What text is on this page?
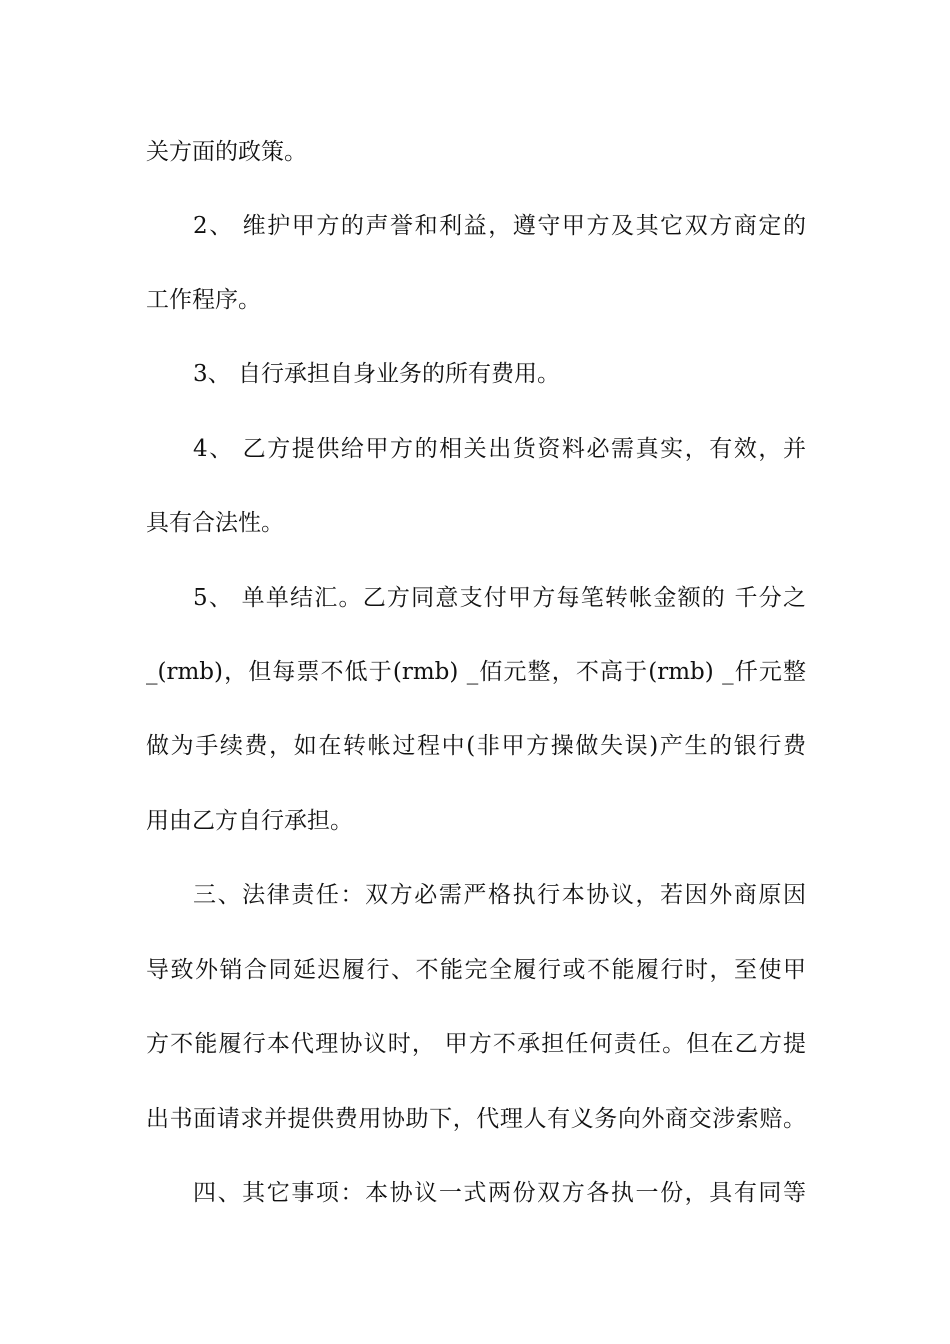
关方面的政策。
2、 维护甲方的声誉和利益，遵守甲方及其它双方商定的
工作程序。
3、 自行承担自身业务的所有费用。
4、 乙方提供给甲方的相关出货资料必需真实，有效，并
具有合法性。
5、 单单结汇。乙方同意支付甲方每笔转帐金额的 千分之
_(rmb)，但每票不低于(rmb) _佰元整，不高于(rmb) _仟元整
做为手续费，如在转帐过程中(非甲方操做失误)产生的银行费
用由乙方自行承担。
三、法律责任：双方必需严格执行本协议，若因外商原因
导致外销合同延迟履行、不能完全履行或不能履行时，至使甲
方不能履行本代理协议时， 甲方不承担任何责任。但在乙方提
出书面请求并提供费用协助下，代理人有义务向外商交涉索赔。
四、其它事项：本协议一式两份双方各执一份，具有同等
